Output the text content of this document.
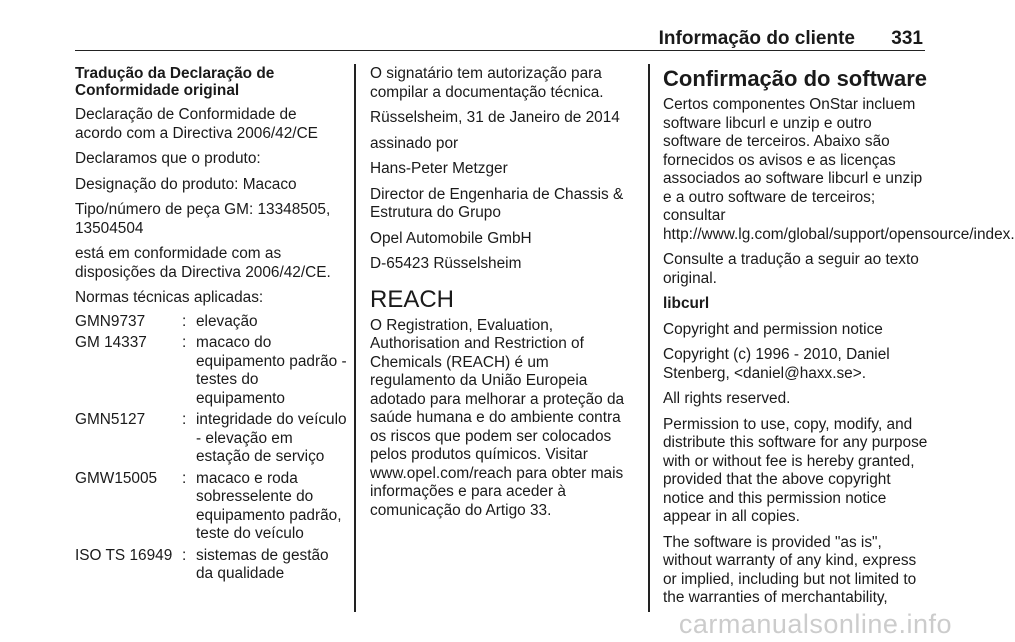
Informação do cliente 331

Tradução da Declaração de Conformidade original

Declaração de Conformidade de acordo com a Directiva 2006/42/CE

Declaramos que o produto:

Designação do produto: Macaco

Tipo/número de peça GM: 13348505, 13504504

está em conformidade com as disposições da Directiva 2006/42/CE.

Normas técnicas aplicadas:

GMN9737	: elevação
GM 14337	: macaco do equipamento padrão - testes do equipamento
GMN5127	: integridade do veículo - elevação em estação de serviço
GMW15005	: macaco e roda sobresselente do equipamento padrão, teste do veículo
ISO TS 16949 : sistemas de gestão da qualidade

O signatário tem autorização para compilar a documentação técnica.

Rüsselsheim, 31 de Janeiro de 2014

assinado por

Hans-Peter Metzger

Director de Engenharia de Chassis & Estrutura do Grupo

Opel Automobile GmbH

D-65423 Rüsselsheim

REACH

O Registration, Evaluation, Authorisation and Restriction of Chemicals (REACH) é um regulamento da União Europeia adotado para melhorar a proteção da saúde humana e do ambiente contra os riscos que podem ser colocados pelos produtos químicos. Visitar www.opel.com/reach para obter mais informações e para aceder à comunicação do Artigo 33.

Confirmação do software

Certos componentes OnStar incluem software libcurl e unzip e outro software de terceiros. Abaixo são fornecidos os avisos e as licenças associados ao software libcurl e unzip e a outro software de terceiros; consultar http://www.lg.com/global/support/opensource/index.

Consulte a tradução a seguir ao texto original.

libcurl

Copyright and permission notice

Copyright (c) 1996 - 2010, Daniel Stenberg, <daniel@haxx.se>.

All rights reserved.

Permission to use, copy, modify, and distribute this software for any purpose with or without fee is hereby granted, provided that the above copyright notice and this permission notice appear in all copies.

The software is provided "as is", without warranty of any kind, express or implied, including but not limited to the warranties of merchantability,

carmanualsonline.info
